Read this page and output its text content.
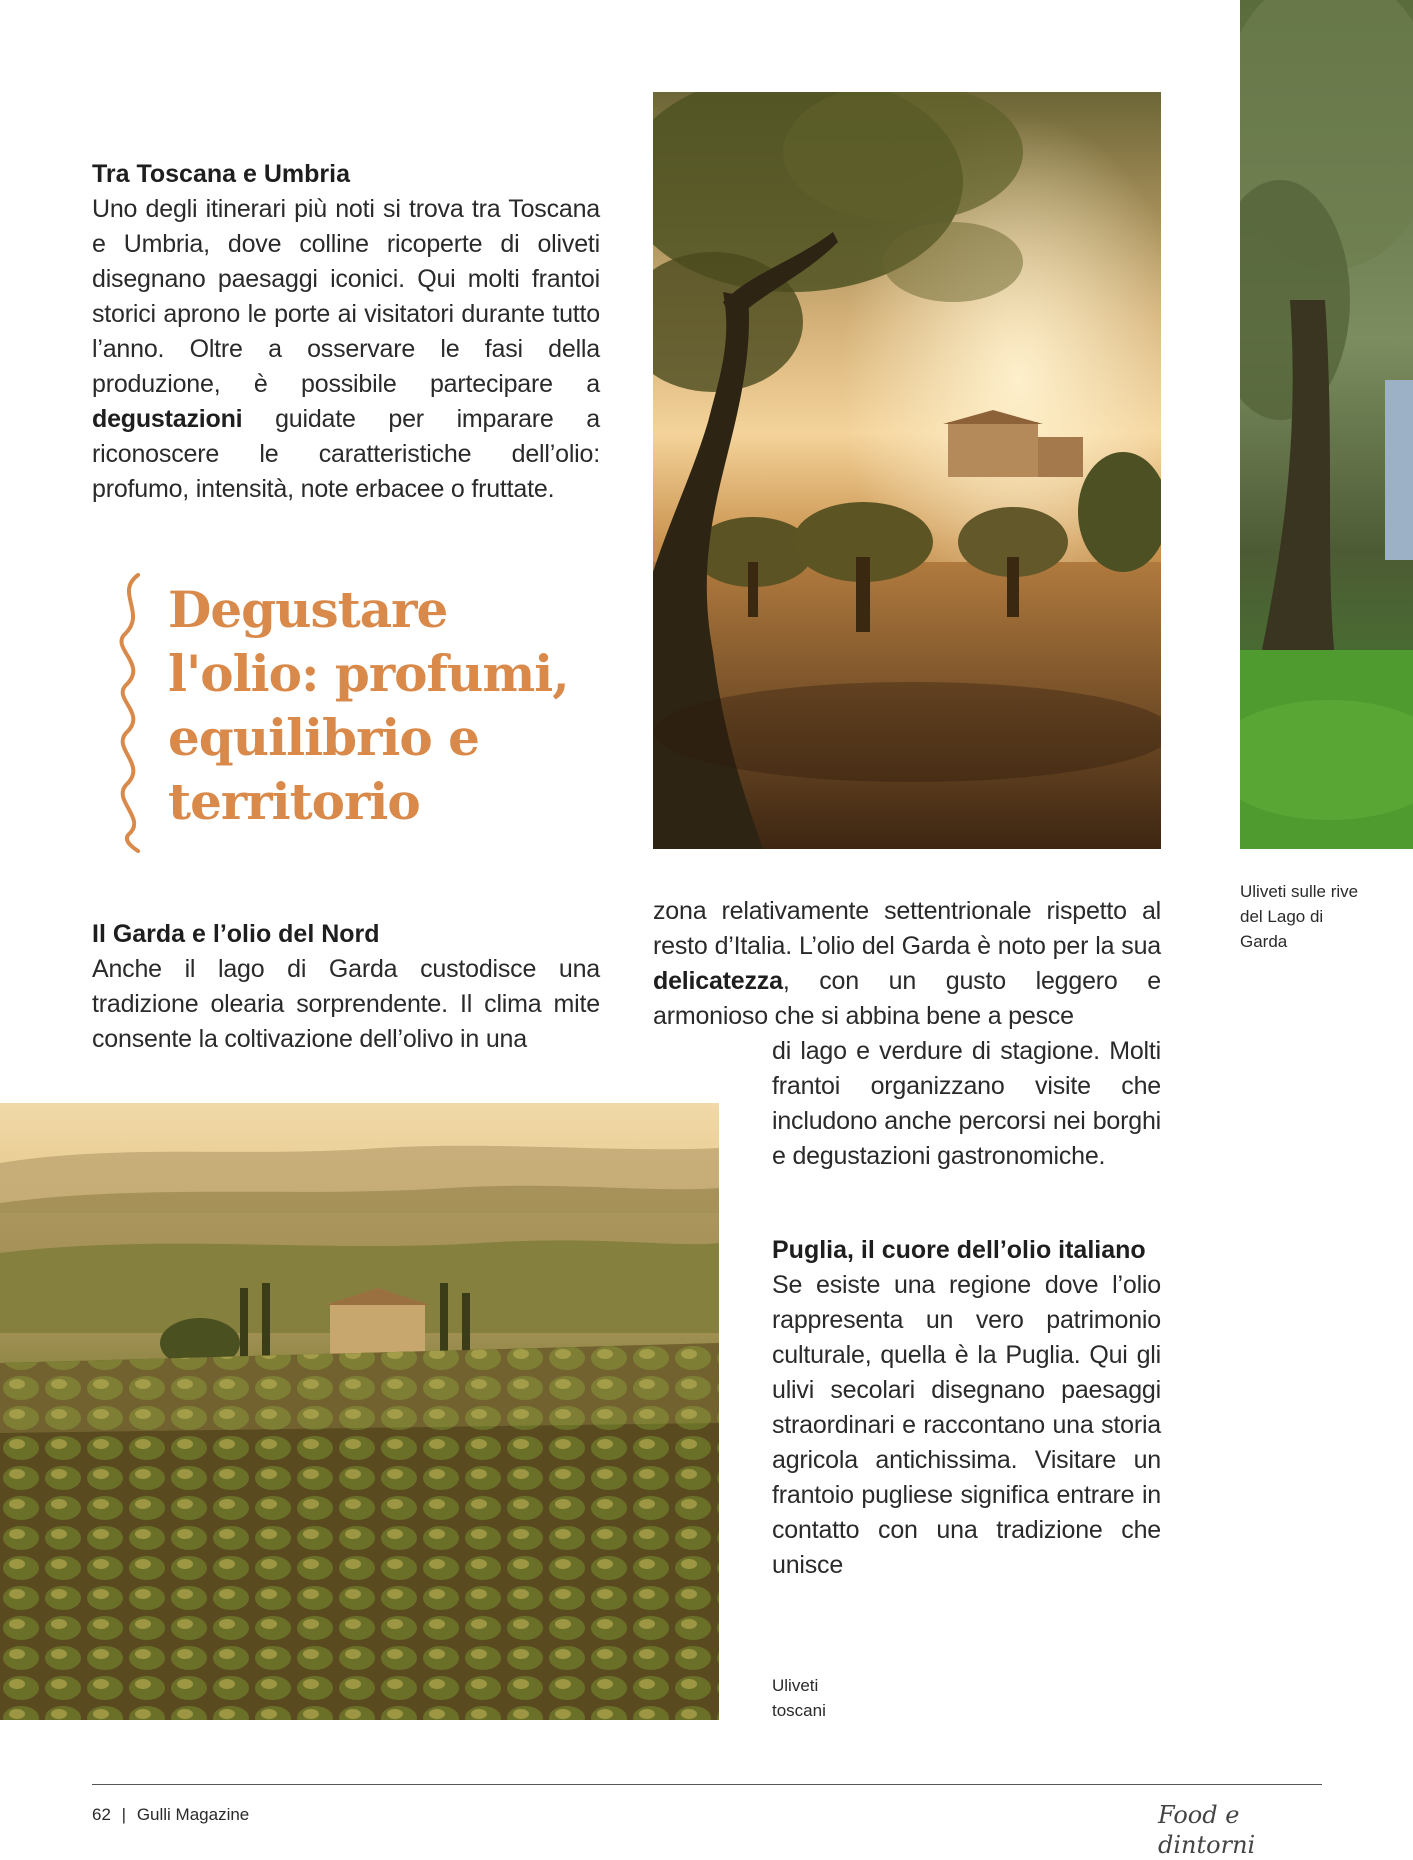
Uliveti sulle rive del Lago di Garda

Tra Toscana e Umbria

Uno degli itinerari più noti si trova tra Toscana e Umbria, dove colline ricoperte di oliveti disegnano paesaggi iconici. Qui molti frantoi storici aprono le porte ai visitatori durante tutto l’anno. Oltre a osservare le fasi della produzione, è possibile partecipare a degustazioni guidate per imparare a riconoscere le caratteristiche dell’olio: profumo, intensità, note erbacee o fruttate.

Degustare

l'olio: profumi,

equilibrio e

territorio

Il Garda e l’olio del Nord

Anche il lago di Garda custodisce una tradizione olearia sorprendente. Il clima mite consente la coltivazione dell’olivo in una

zona relativamente settentrionale rispetto al resto d’Italia. L’olio del Garda è noto per la sua delicatezza, con un gusto leggero e armonioso che si abbina bene a pesce

di lago e verdure di stagione. Molti frantoi organizzano visite che includono anche percorsi nei borghi e degustazioni gastronomiche.

Puglia, il cuore dell’olio italiano

Se esiste una regione dove l’olio rappresenta un vero patrimonio culturale, quella è la Puglia. Qui gli ulivi secolari disegnano paesaggi straordinari e raccontano una storia agricola antichissima. Visitare un frantoio pugliese significa entrare in contatto con una tradizione che unisce

Uliveti toscani

62 | Gulli Magazine	Food e dintorni
